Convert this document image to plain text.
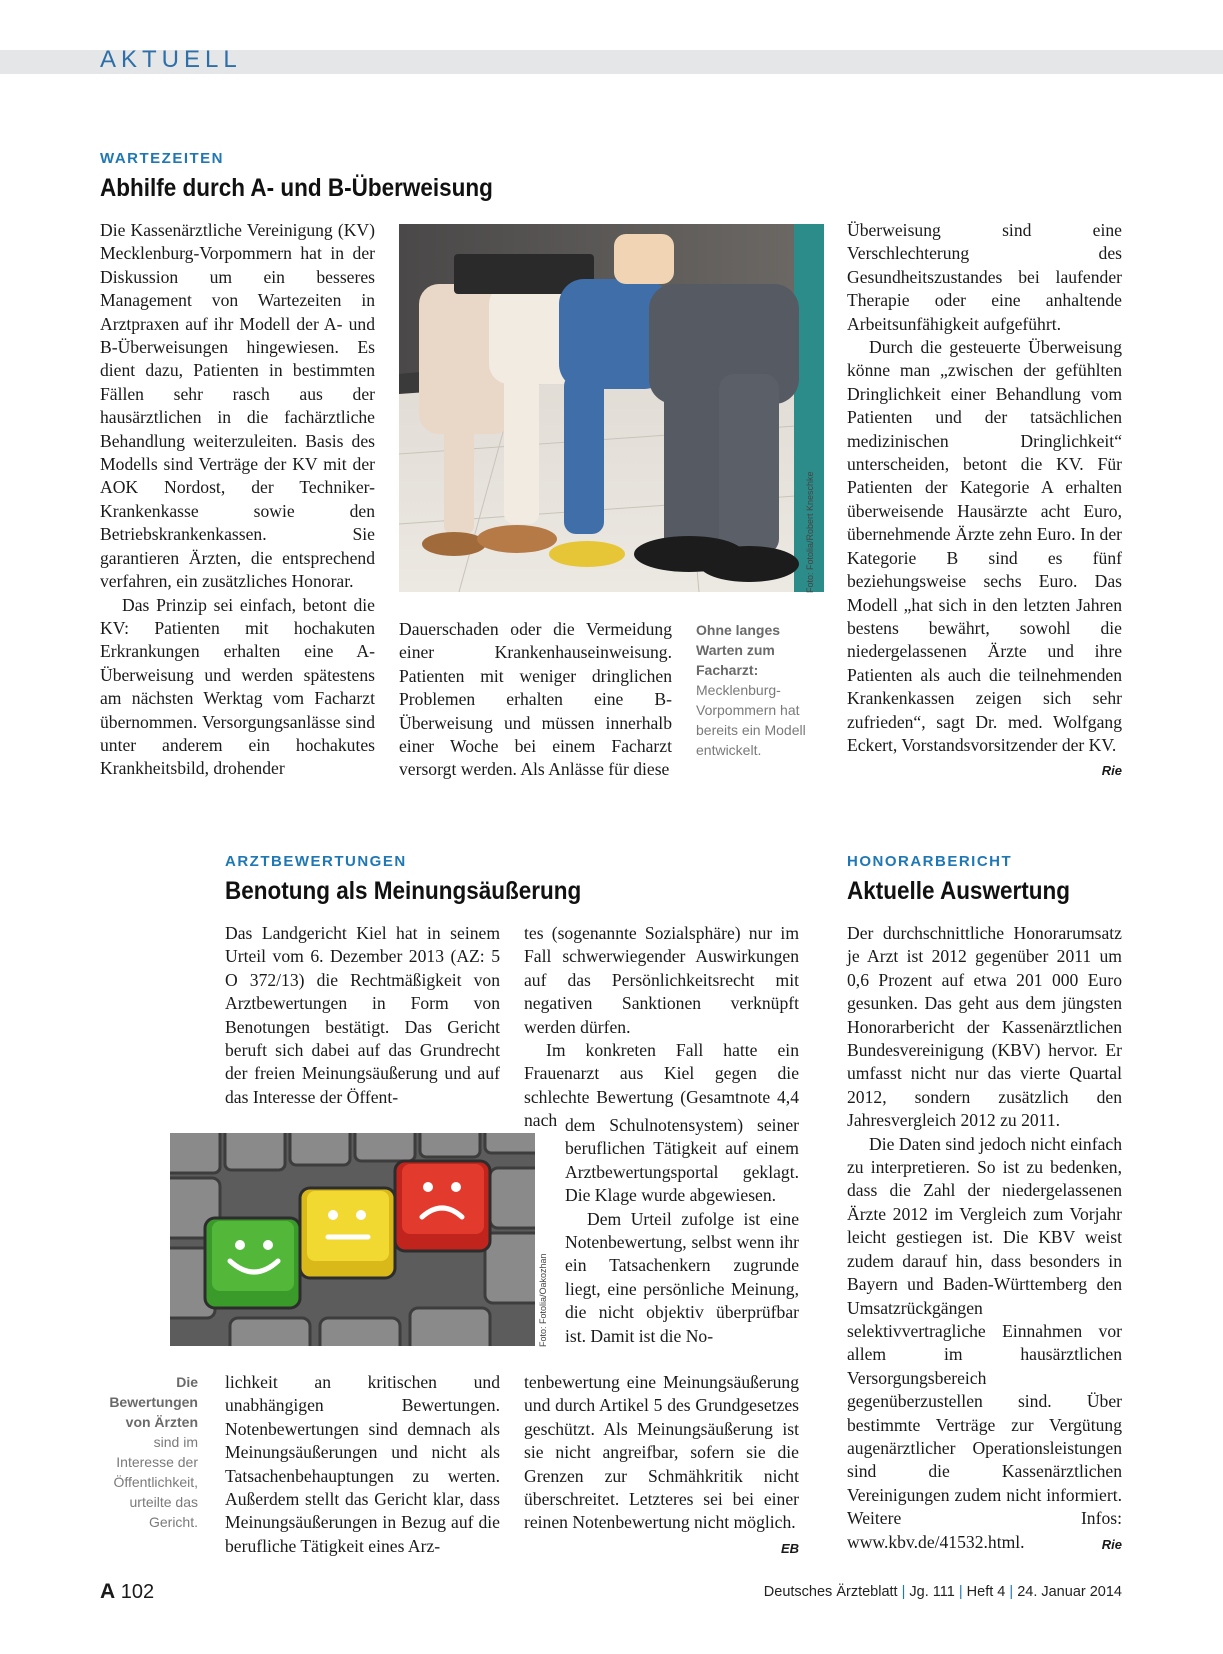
AKTUELL
WARTEZEITEN
Abhilfe durch A- und B-Überweisung

Die Kassenärztliche Vereinigung (KV) Mecklenburg-Vorpommern hat in der Diskussion um ein besseres Management von Wartezeiten in Arztpraxen auf ihr Modell der A- und B-Überweisungen hingewiesen. Es dient dazu, Patienten in bestimmten Fällen sehr rasch aus der hausärztlichen in die fachärztliche Behandlung weiterzuleiten. Basis des Modells sind Verträge der KV mit der AOK Nordost, der Techniker-Krankenkasse sowie den Betriebskrankenkassen. Sie garantieren Ärzten, die entsprechend verfahren, ein zusätzliches Honorar.

Das Prinzip sei einfach, betont die KV: Patienten mit hochakuten Erkrankungen erhalten eine A-Überweisung und werden spätestens am nächsten Werktag vom Facharzt übernommen. Versorgungsanlässe sind unter anderem ein hochakutes Krankheitsbild, drohender

Foto: Fotolia/Robert Kneschke

Dauerschaden oder die Vermeidung einer Krankenhauseinweisung. Patienten mit weniger dringlichen Problemen erhalten eine B-Überweisung und müssen innerhalb einer Woche bei einem Facharzt versorgt werden. Als Anlässe für diese

Ohne langes Warten zum Facharzt: Mecklenburg-Vorpommern hat bereits ein Modell entwickelt.

Überweisung sind eine Verschlechterung des Gesundheitszustandes bei laufender Therapie oder eine anhaltende Arbeitsunfähigkeit aufgeführt.

Durch die gesteuerte Überweisung könne man „zwischen der gefühlten Dringlichkeit einer Behandlung vom Patienten und der tatsächlichen medizinischen Dringlichkeit“ unterscheiden, betont die KV. Für Patienten der Kategorie A erhalten überweisende Hausärzte acht Euro, übernehmende Ärzte zehn Euro. In der Kategorie B sind es fünf beziehungsweise sechs Euro. Das Modell „hat sich in den letzten Jahren bestens bewährt, sowohl die niedergelassenen Ärzte und ihre Patienten als auch die teilnehmenden Krankenkassen zeigen sich sehr zufrieden“, sagt Dr. med. Wolfgang Eckert, Vorstandsvorsitzender der KV.
Rie

ARZTBEWERTUNGEN
Benotung als Meinungsäußerung

Das Landgericht Kiel hat in seinem Urteil vom 6. Dezember 2013 (AZ: 5 O 372/13) die Rechtmäßigkeit von Arztbewertungen in Form von Benotungen bestätigt. Das Gericht beruft sich dabei auf das Grundrecht der freien Meinungsäußerung und auf das Interesse der Öffent-

Foto: Fotolia/Oakozhan
Die Bewertungen von Ärzten sind im Interesse der Öffentlichkeit, urteilte das Gericht.

lichkeit an kritischen und unabhängigen Bewertungen. Notenbewertungen sind demnach als Meinungsäußerungen und nicht als Tatsachenbehauptungen zu werten. Außerdem stellt das Gericht klar, dass Meinungsäußerungen in Bezug auf die berufliche Tätigkeit eines Arz-

tes (sogenannte Sozialsphäre) nur im Fall schwerwiegender Auswirkungen auf das Persönlichkeitsrecht mit negativen Sanktionen verknüpft werden dürfen.

Im konkreten Fall hatte ein Frauenarzt aus Kiel gegen die schlechte Bewertung (Gesamtnote 4,4 nach dem Schulnotensystem) seiner beruflichen Tätigkeit auf einem Arztbewertungsportal geklagt. Die Klage wurde abgewiesen.

Dem Urteil zufolge ist eine Notenbewertung, selbst wenn ihr ein Tatsachenkern zugrunde liegt, eine persönliche Meinung, die nicht objektiv überprüfbar ist. Damit ist die No-

tenbewertung eine Meinungsäußerung und durch Artikel 5 des Grundgesetzes geschützt. Als Meinungsäußerung ist sie nicht angreifbar, sofern sie die Grenzen zur Schmähkritik nicht überschreitet. Letzteres sei bei einer reinen Notenbewertung nicht möglich.
EB

HONORARBERICHT
Aktuelle Auswertung

Der durchschnittliche Honorarumsatz je Arzt ist 2012 gegenüber 2011 um 0,6 Prozent auf etwa 201 000 Euro gesunken. Das geht aus dem jüngsten Honorarbericht der Kassenärztlichen Bundesvereinigung (KBV) hervor. Er umfasst nicht nur das vierte Quartal 2012, sondern zusätzlich den Jahresvergleich 2012 zu 2011.

Die Daten sind jedoch nicht einfach zu interpretieren. So ist zu bedenken, dass die Zahl der niedergelassenen Ärzte 2012 im Vergleich zum Vorjahr leicht gestiegen ist. Die KBV weist zudem darauf hin, dass besonders in Bayern und Baden-Württemberg den Umsatzrückgängen selektivvertragliche Einnahmen vor allem im hausärztlichen Versorgungsbereich gegenüberzustellen sind. Über bestimmte Verträge zur Vergütung augenärztlicher Operationsleistungen sind die Kassenärztlichen Vereinigungen zudem nicht informiert. Weitere Infos: www.kbv.de/41532.html.	Rie

A 102	Deutsches Ärzteblatt | Jg. 111 | Heft 4 | 24. Januar 2014
